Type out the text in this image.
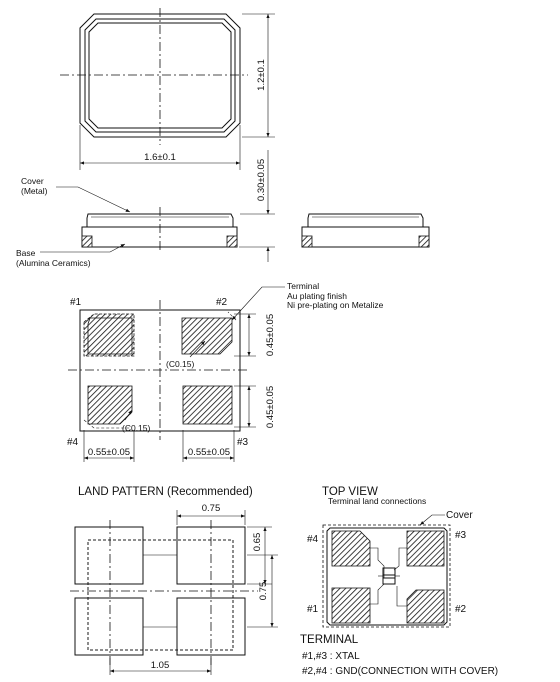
1.6±0.1
1.2±0.1
0.30±0.05
Cover
(Metal)
Base
(Alumina Ceramics)
#1	#2
#3
#4
Terminal
Au plating finish
Ni pre-plating on Metalize
(C0.15)
(C0.15)
0.45±0.05
0.45±0.05
0.55±0.05	0.55±0.05
LAND PATTERN (Recommended)
0.75
0.65
0.75
1.05
TOP VIEW
Terminal land connections
Cover
#4	#3
#1	#2
TERMINAL
#1,#3 : XTAL
#2,#4 : GND(CONNECTION WITH COVER)
